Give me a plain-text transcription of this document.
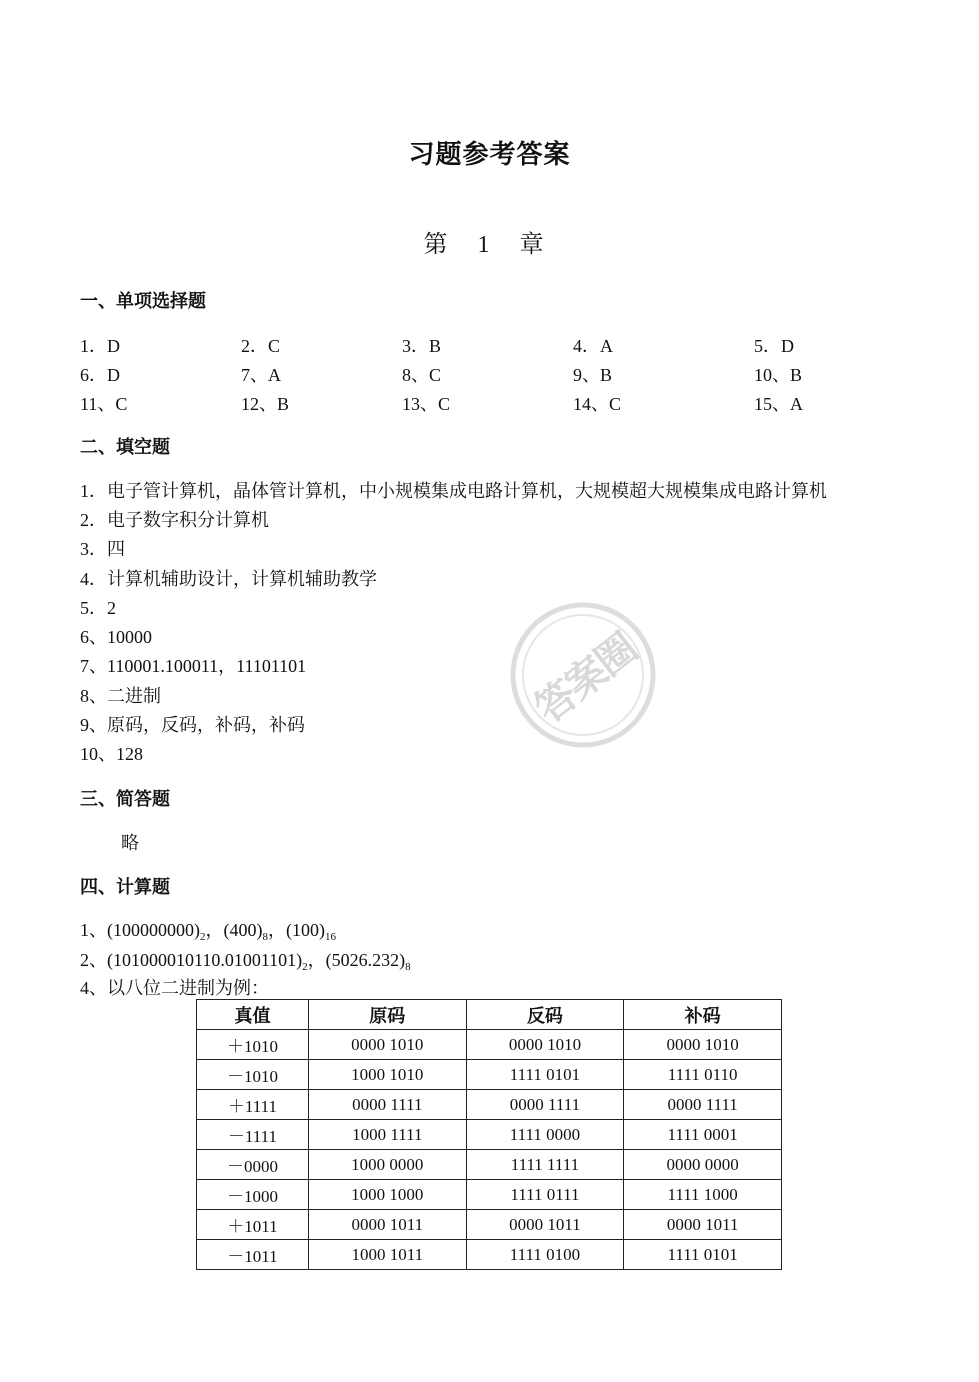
习题参考答案
第 1 章
一、单项选择题
1．D	2．C	3．B	4．A	5．D
6．D	7、A	8、C	9、B	10、B
11、C	12、B	13、C	14、C	15、A
二、填空题
1．电子管计算机，晶体管计算机，中小规模集成电路计算机，大规模超大规模集成电路计算机
2．电子数字积分计算机
3．四
4．计算机辅助设计，计算机辅助教学
5．2
6、10000
7、110001.100011，11101101
8、二进制
9、原码，反码，补码，补码
10、128
答案圈
三、简答题
略
四、计算题
1、$(100000000)_2$，$(400)_8$，$(100)_{16}$
2、$(101000010110.01001101)_2$，$(5026.232)_8$
4、以八位二进制为例：
真值	原码	反码	补码
＋1010	0000 1010	0000 1010	0000 1010
－1010	1000 1010	1111 0101	1111 0110
＋1111	0000 1111	0000 1111	0000 1111
－1111	1000 1111	1111 0000	1111 0001
－0000	1000 0000	1111 1111	0000 0000
－1000	1000 1000	1111 0111	1111 1000
＋1011	0000 1011	0000 1011	0000 1011
－1011	1000 1011	1111 0100	1111 0101
